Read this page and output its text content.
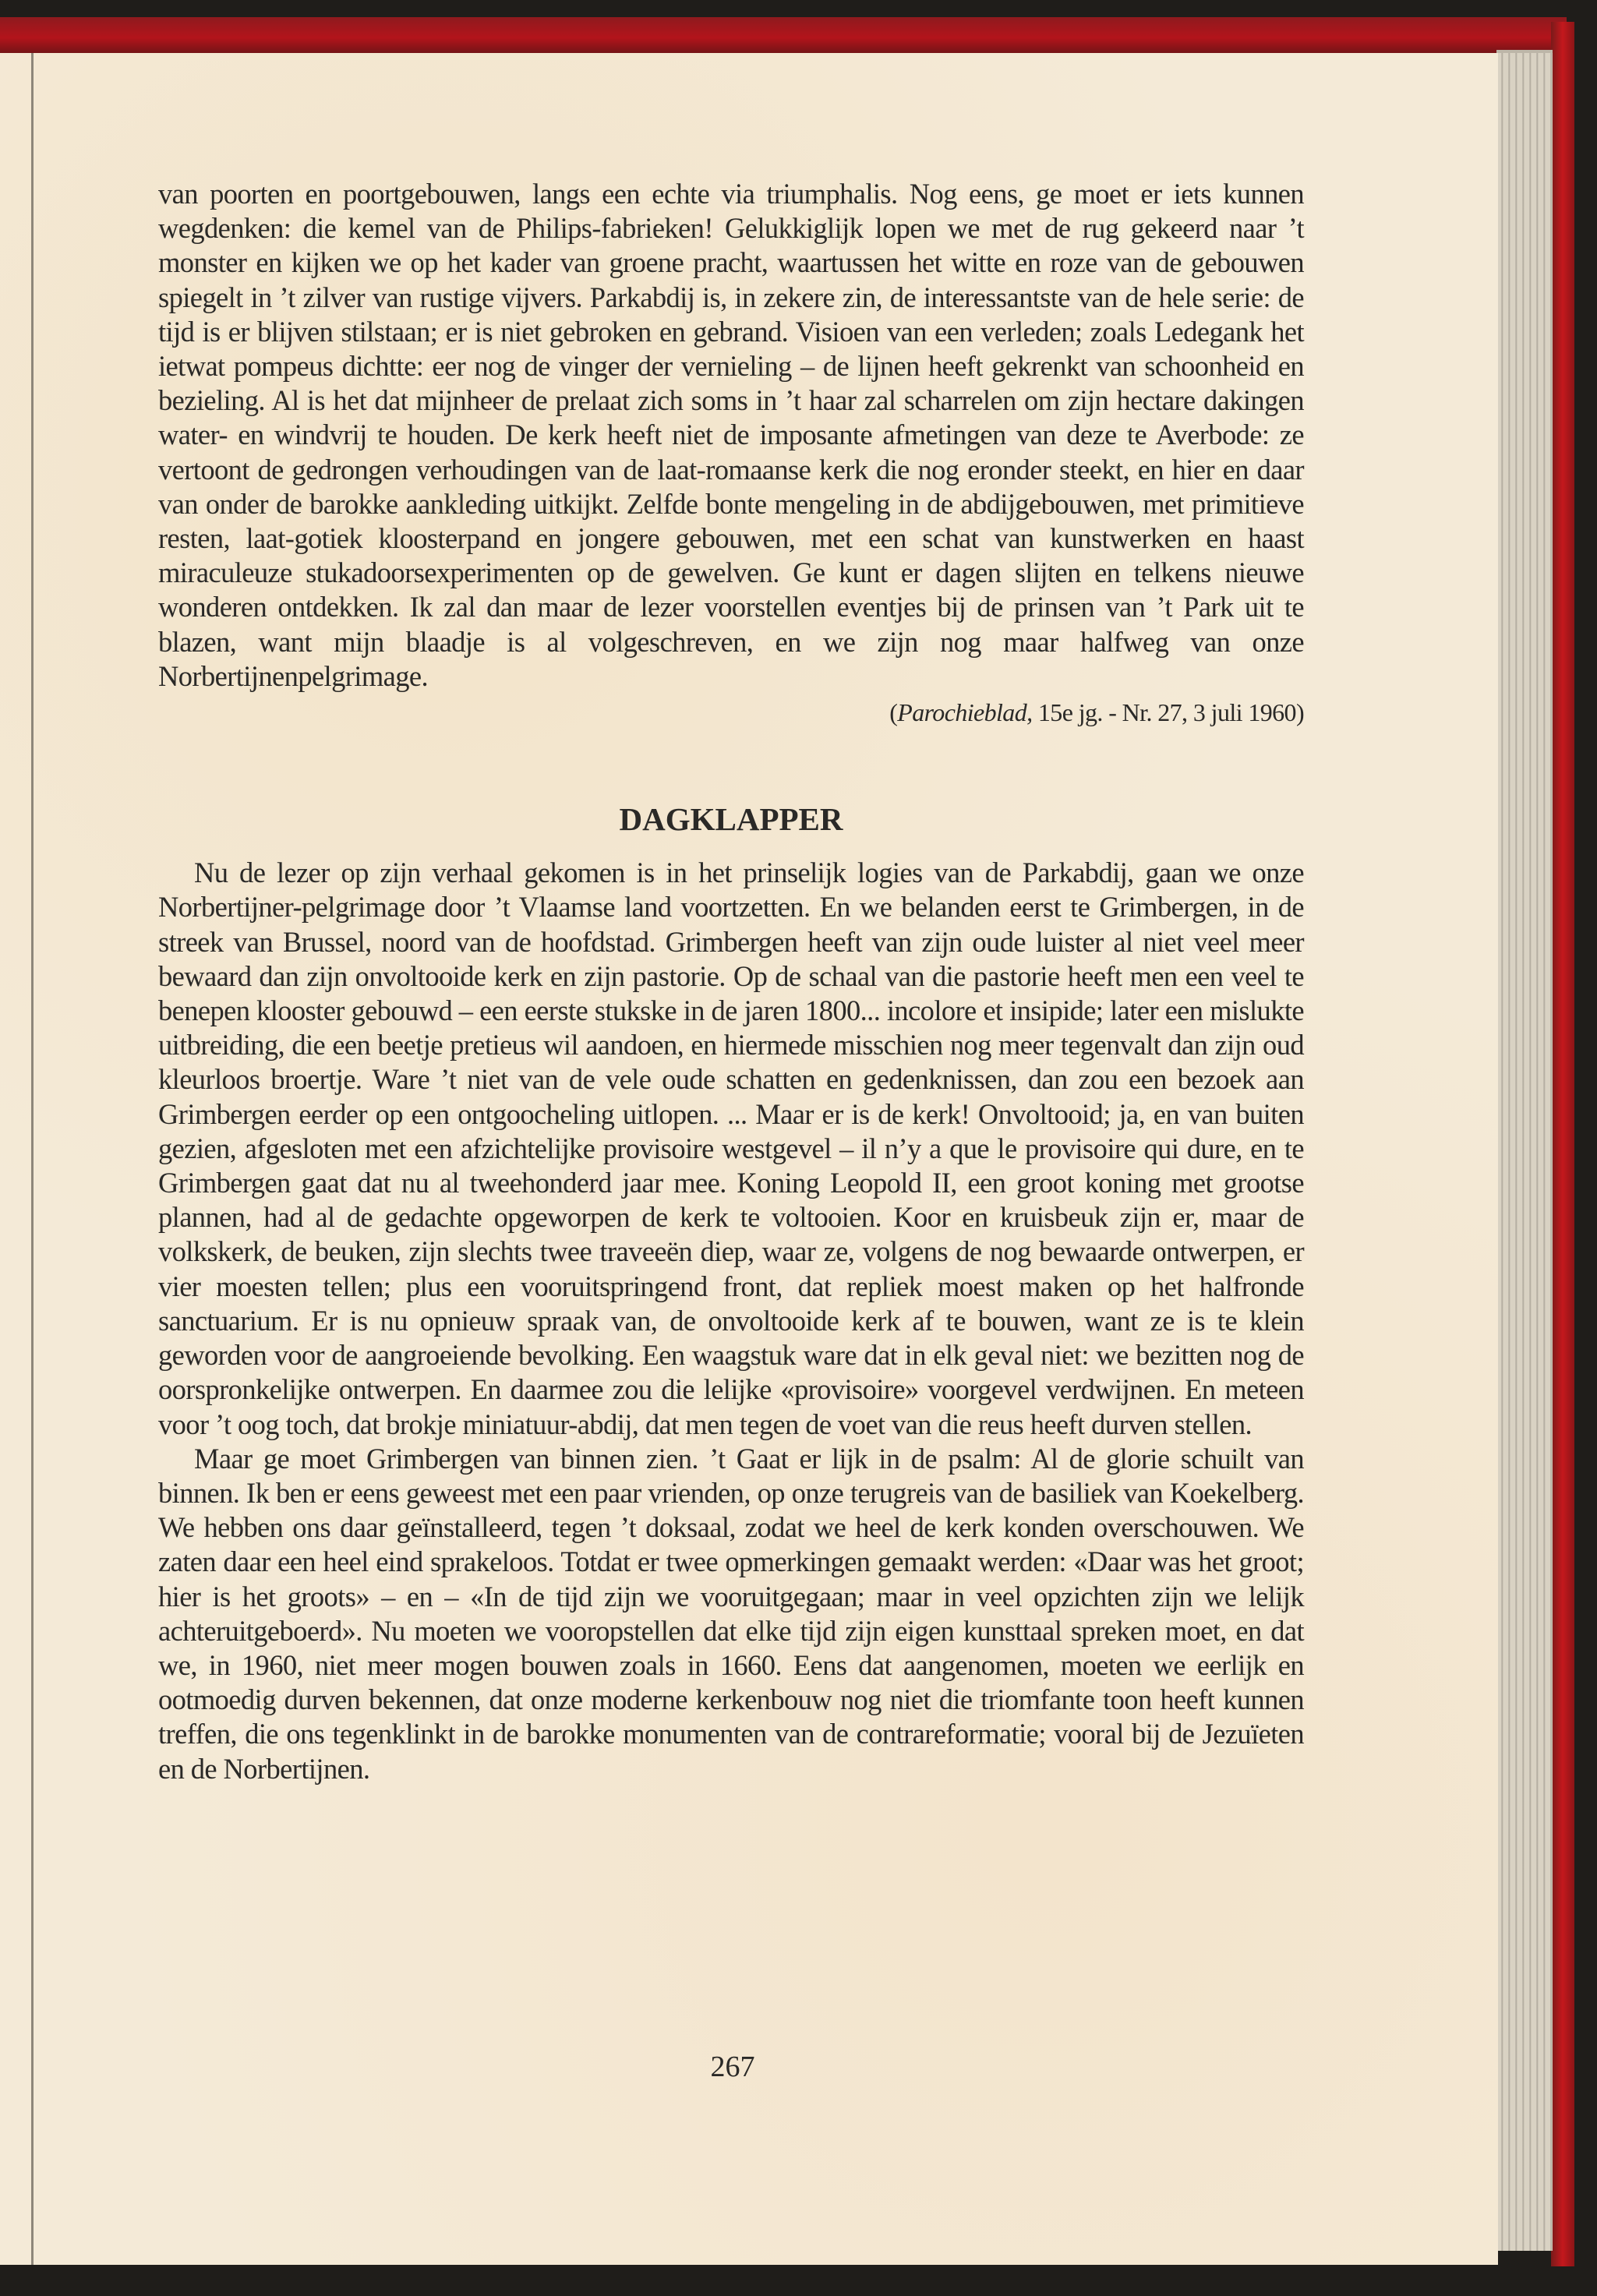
van poorten en poortgebouwen, langs een echte via triumphalis. Nog eens, ge moet er iets kunnen wegdenken: die kemel van de Philips-fabrieken! Gelukkiglijk lopen we met de rug gekeerd naar ’t monster en kijken we op het kader van groene pracht, waartussen het witte en roze van de gebouwen spiegelt in ’t zilver van rustige vijvers. Parkabdij is, in zekere zin, de interessantste van de hele serie: de tijd is er blijven stilstaan; er is niet gebroken en gebrand. Visioen van een verleden; zoals Ledegank het ietwat pompeus dichtte: eer nog de vinger der vernieling – de lijnen heeft gekrenkt van schoonheid en bezieling. Al is het dat mijnheer de prelaat zich soms in ’t haar zal scharrelen om zijn hectare dakingen water- en windvrij te houden. De kerk heeft niet de imposante afmetingen van deze te Averbode: ze vertoont de gedrongen verhoudingen van de laat-romaanse kerk die nog eronder steekt, en hier en daar van onder de barokke aankleding uitkijkt. Zelfde bonte mengeling in de abdijgebouwen, met primitieve resten, laat-gotiek kloosterpand en jongere gebouwen, met een schat van kunstwerken en haast miraculeuze stukadoorsexperimenten op de gewelven. Ge kunt er dagen slijten en telkens nieuwe wonderen ontdekken. Ik zal dan maar de lezer voorstellen eventjes bij de prinsen van ’t Park uit te blazen, want mijn blaadje is al volgeschreven, en we zijn nog maar halfweg van onze Norbertijnenpelgrimage.

(Parochieblad, 15e jg. - Nr. 27, 3 juli 1960)

DAGKLAPPER

Nu de lezer op zijn verhaal gekomen is in het prinselijk logies van de Parkabdij, gaan we onze Norbertijner-pelgrimage door ’t Vlaamse land voortzetten. En we belanden eerst te Grimbergen, in de streek van Brussel, noord van de hoofdstad. Grimbergen heeft van zijn oude luister al niet veel meer bewaard dan zijn onvoltooide kerk en zijn pastorie. Op de schaal van die pastorie heeft men een veel te benepen klooster gebouwd – een eerste stukske in de jaren 1800... incolore et insipide; later een mislukte uitbreiding, die een beetje pretieus wil aandoen, en hiermede misschien nog meer tegenvalt dan zijn oud kleurloos broertje. Ware ’t niet van de vele oude schatten en gedenknissen, dan zou een bezoek aan Grimbergen eerder op een ontgoocheling uitlopen. ... Maar er is de kerk! Onvoltooid; ja, en van buiten gezien, afgesloten met een afzichtelijke provisoire westgevel – il n’y a que le provisoire qui dure, en te Grimbergen gaat dat nu al tweehonderd jaar mee. Koning Leopold II, een groot koning met grootse plannen, had al de gedachte opgeworpen de kerk te voltooien. Koor en kruisbeuk zijn er, maar de volkskerk, de beuken, zijn slechts twee traveeën diep, waar ze, volgens de nog bewaarde ontwerpen, er vier moesten tellen; plus een vooruitspringend front, dat repliek moest maken op het halfronde sanctuarium. Er is nu opnieuw spraak van, de onvoltooide kerk af te bouwen, want ze is te klein geworden voor de aangroeiende bevolking. Een waagstuk ware dat in elk geval niet: we bezitten nog de oorspronkelijke ontwerpen. En daarmee zou die lelijke «provisoire» voorgevel verdwijnen. En meteen voor ’t oog toch, dat brokje miniatuur-abdij, dat men tegen de voet van die reus heeft durven stellen.

Maar ge moet Grimbergen van binnen zien. ’t Gaat er lijk in de psalm: Al de glorie schuilt van binnen. Ik ben er eens geweest met een paar vrienden, op onze terugreis van de basiliek van Koekelberg. We hebben ons daar geïnstalleerd, tegen ’t doksaal, zodat we heel de kerk konden overschouwen. We zaten daar een heel eind sprakeloos. Totdat er twee opmerkingen gemaakt werden: «Daar was het groot; hier is het groots» – en – «In de tijd zijn we vooruitgegaan; maar in veel opzichten zijn we lelijk achteruitgeboerd». Nu moeten we vooropstellen dat elke tijd zijn eigen kunsttaal spreken moet, en dat we, in 1960, niet meer mogen bouwen zoals in 1660. Eens dat aangenomen, moeten we eerlijk en ootmoedig durven bekennen, dat onze moderne kerkenbouw nog niet die triomfante toon heeft kunnen treffen, die ons tegenklinkt in de barokke monumenten van de contrareformatie; vooral bij de Jezuïeten en de Norbertijnen.

267
